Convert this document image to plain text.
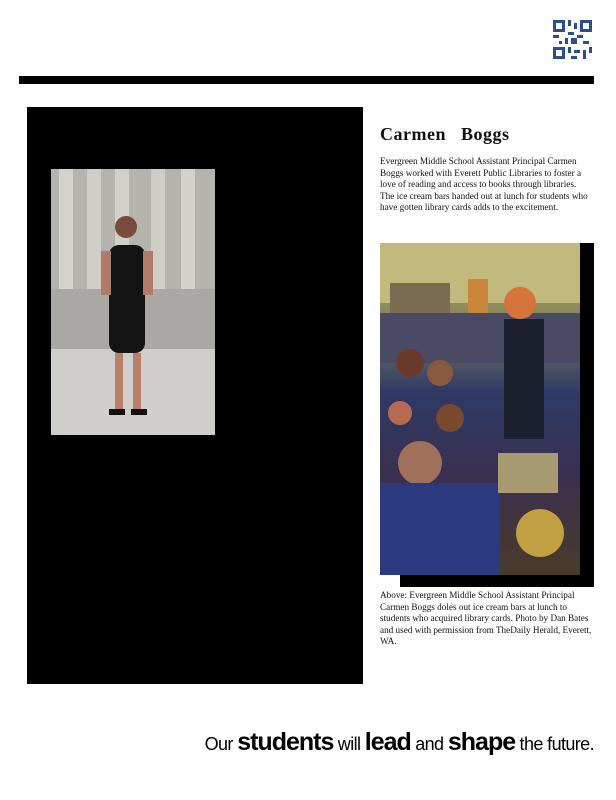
Carmen Boggs
Evergreen Middle School Assistant Principal Carmen Boggs worked with Everett Public Libraries to foster a love of reading and access to books through libraries. The ice cream bars handed out at lunch for students who have gotten library cards adds to the excitement.
Above: Evergreen Middle School Assistant Principal Carmen Boggs doles out ice cream bars at lunch to students who acquired library cards. Photo by Dan Bates and used with permission from TheDaily Herald, Everett, WA.
Our students will lead and shape the future.
